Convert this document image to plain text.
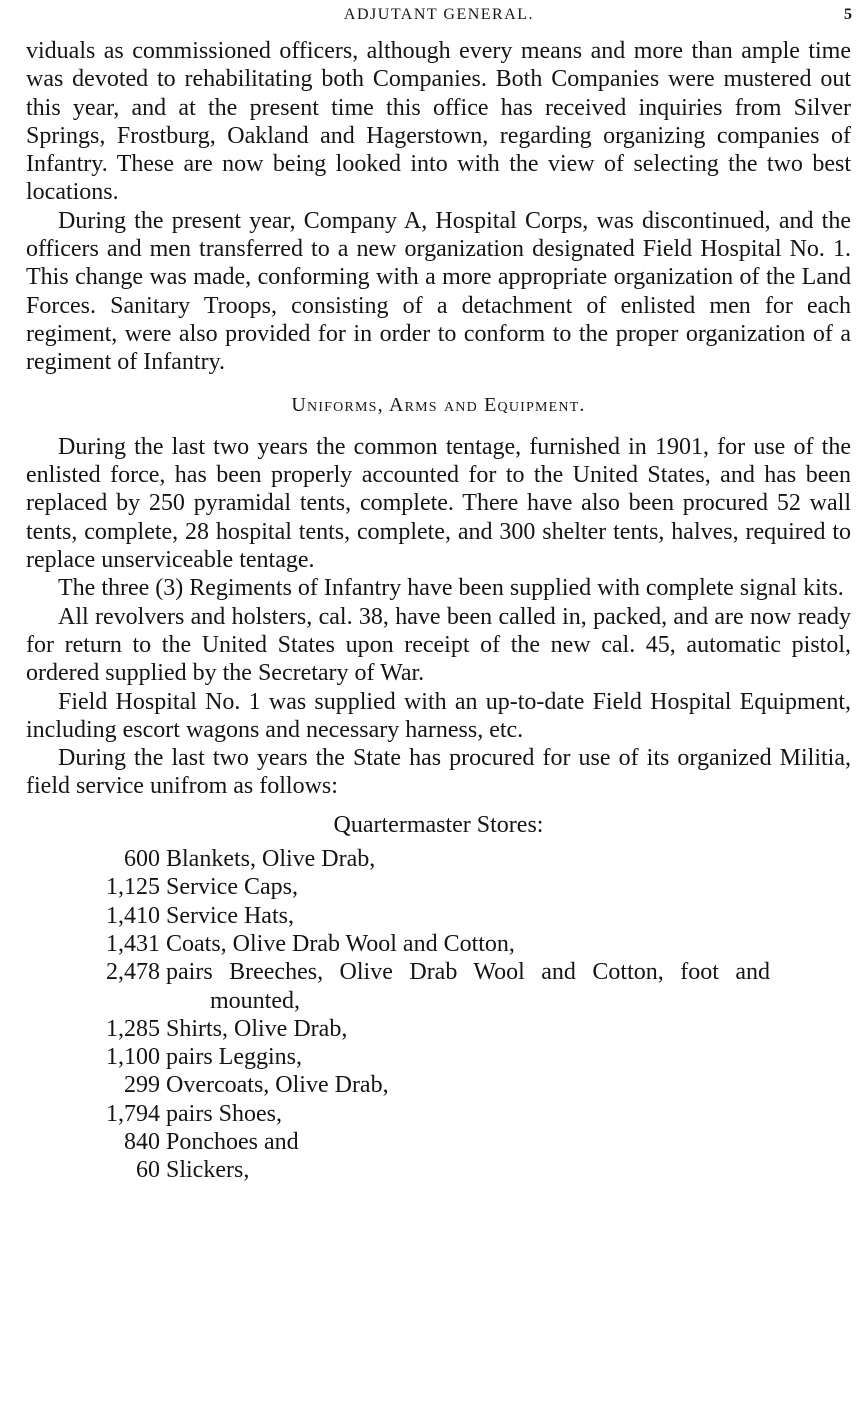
ADJUTANT GENERAL.	5

viduals as commissioned officers, although every means and more than ample time was devoted to rehabilitating both Companies. Both Companies were mustered out this year, and at the present time this office has received inquiries from Silver Springs, Frostburg, Oakland and Hagerstown, regarding organizing companies of Infantry. These are now being looked into with the view of selecting the two best locations.

During the present year, Company A, Hospital Corps, was discontinued, and the officers and men transferred to a new organization designated Field Hospital No. 1. This change was made, conforming with a more appropriate organization of the Land Forces. Sanitary Troops, consisting of a detachment of enlisted men for each regiment, were also provided for in order to conform to the proper organization of a regiment of Infantry.

Uniforms, Arms and Equipment.

During the last two years the common tentage, furnished in 1901, for use of the enlisted force, has been properly accounted for to the United States, and has been replaced by 250 pyramidal tents, complete. There have also been procured 52 wall tents, complete, 28 hospital tents, complete, and 300 shelter tents, halves, required to replace unserviceable tentage.

The three (3) Regiments of Infantry have been supplied with complete signal kits.

All revolvers and holsters, cal. 38, have been called in, packed, and are now ready for return to the United States upon receipt of the new cal. 45, automatic pistol, ordered supplied by the Secretary of War.

Field Hospital No. 1 was supplied with an up-to-date Field Hospital Equipment, including escort wagons and necessary harness, etc.

During the last two years the State has procured for use of its organized Militia, field service unifrom as follows:

Quartermaster Stores:
600 Blankets, Olive Drab,
1,125 Service Caps,
1,410 Service Hats,
1,431 Coats, Olive Drab Wool and Cotton,
2,478 pairs Breeches, Olive Drab Wool and Cotton, foot and mounted,
1,285 Shirts, Olive Drab,
1,100 pairs Leggins,
299 Overcoats, Olive Drab,
1,794 pairs Shoes,
840 Ponchoes and
60 Slickers,
